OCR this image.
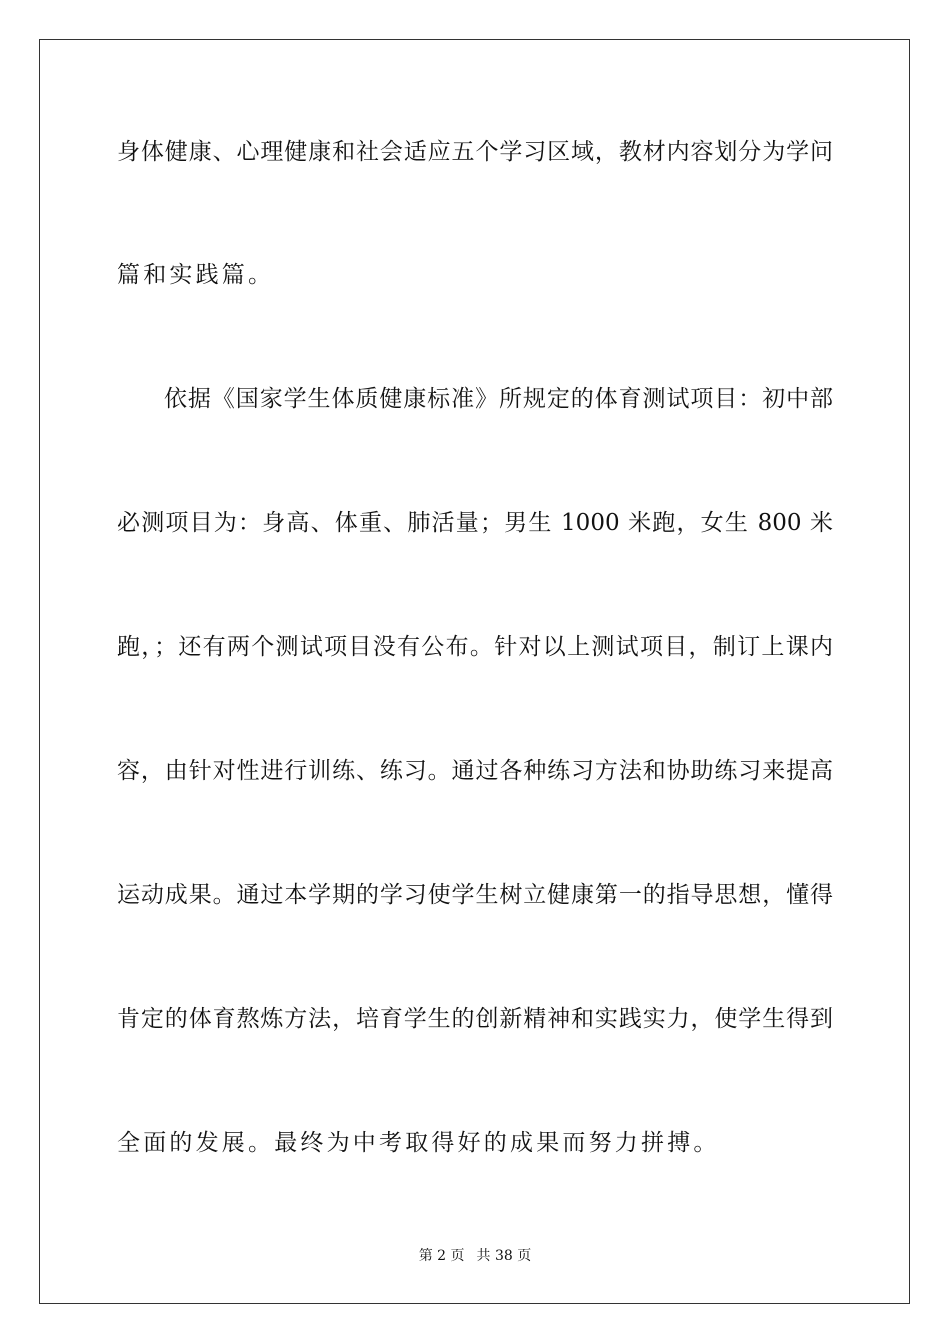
身体健康、心理健康和社会适应五个学习区域，教材内容划分为学问
篇和实践篇。
依据《国家学生体质健康标准》所规定的体育测试项目：初中部
必测项目为：身高、体重、肺活量；男生 1000 米跑，女生 800 米
跑，；还有两个测试项目没有公布。针对以上测试项目，制订上课内
容，由针对性进行训练、练习。通过各种练习方法和协助练习来提高
运动成果。通过本学期的学习使学生树立健康第一的指导思想，懂得
肯定的体育熬炼方法，培育学生的创新精神和实践实力，使学生得到
全面的发展。最终为中考取得好的成果而努力拼搏。
第 2 页 共 38 页
